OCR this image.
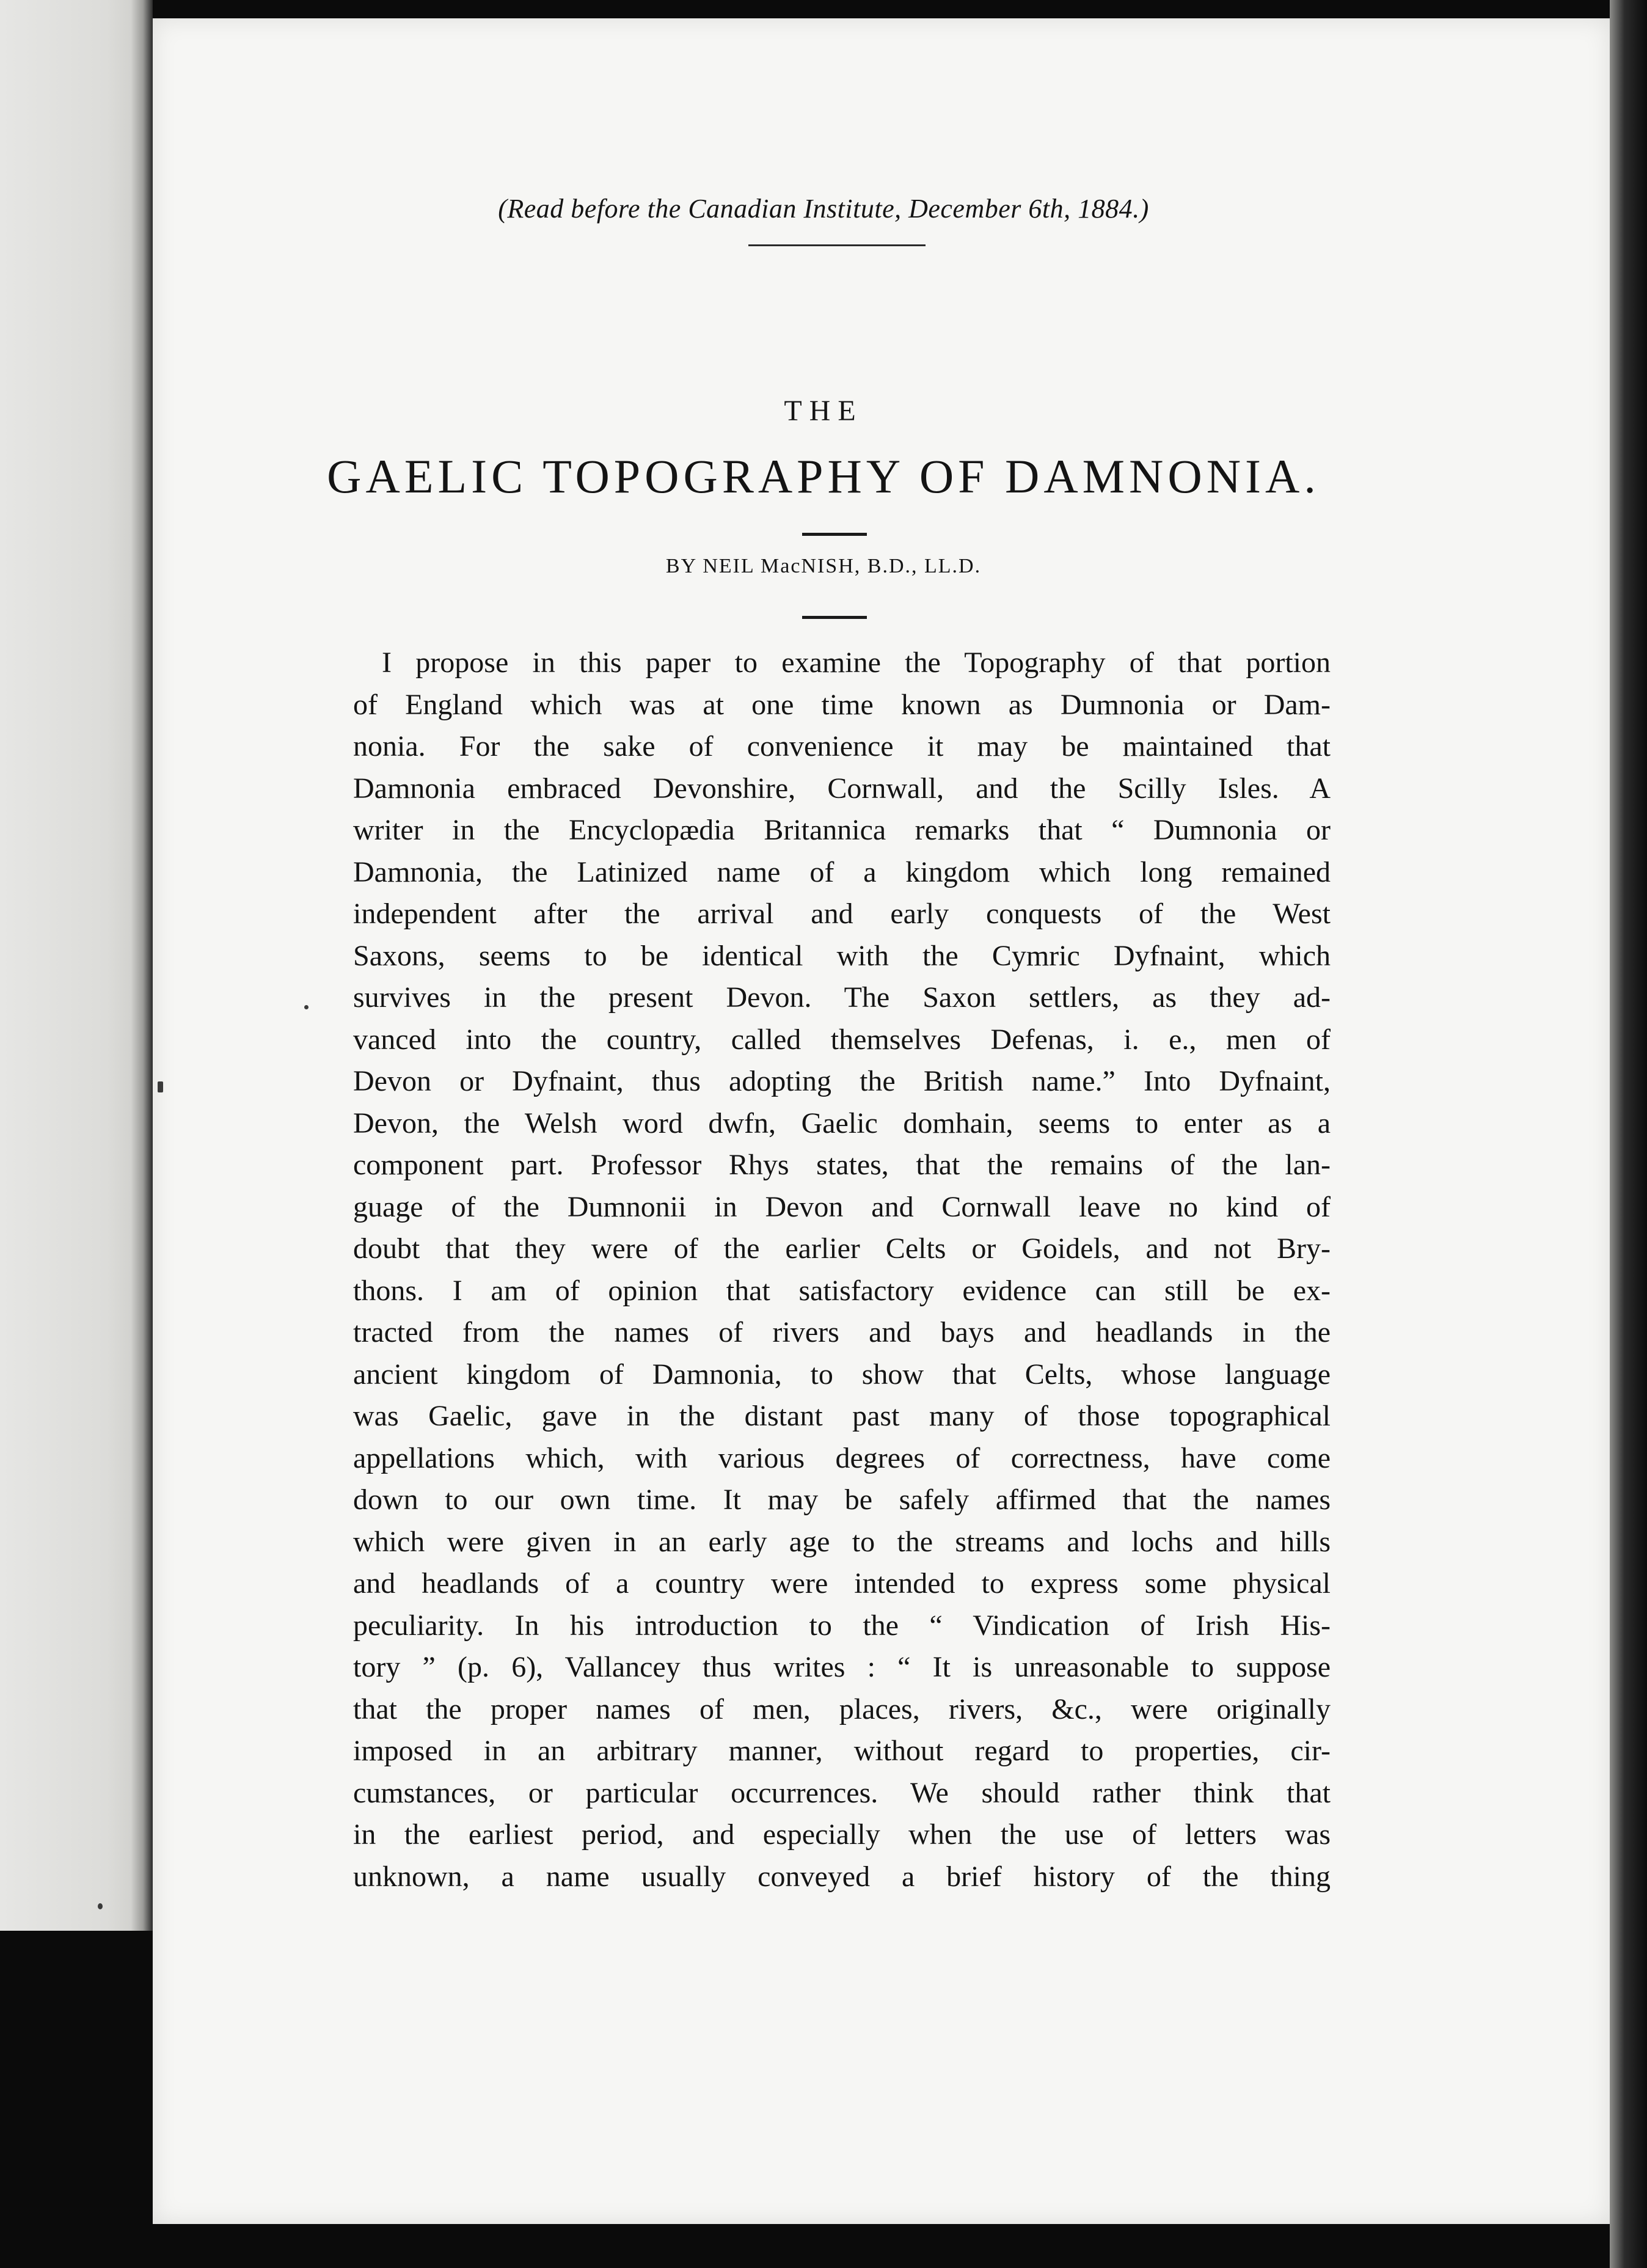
(Read before the Canadian Institute, December 6th, 1884.)
THE
GAELIC TOPOGRAPHY OF DAMNONIA.
BY NEIL MacNISH, B.D., LL.D.
I propose in this paper to examine the Topography of that portion
of England which was at one time known as Dumnonia or Dam-
nonia. For the sake of convenience it may be maintained that
Damnonia embraced Devonshire, Cornwall, and the Scilly Isles. A
writer in the Encyclopædia Britannica remarks that “ Dumnonia or
Damnonia, the Latinized name of a kingdom which long remained
independent after the arrival and early conquests of the West
Saxons, seems to be identical with the Cymric Dyfnaint, which
survives in the present Devon. The Saxon settlers, as they ad-
vanced into the country, called themselves Defenas, i. e., men of
Devon or Dyfnaint, thus adopting the British name.” Into Dyfnaint,
Devon, the Welsh word dwfn, Gaelic domhain, seems to enter as a
component part. Professor Rhys states, that the remains of the lan-
guage of the Dumnonii in Devon and Cornwall leave no kind of
doubt that they were of the earlier Celts or Goidels, and not Bry-
thons. I am of opinion that satisfactory evidence can still be ex-
tracted from the names of rivers and bays and headlands in the
ancient kingdom of Damnonia, to show that Celts, whose language
was Gaelic, gave in the distant past many of those topographical
appellations which, with various degrees of correctness, have come
down to our own time. It may be safely affirmed that the names
which were given in an early age to the streams and lochs and hills
and headlands of a country were intended to express some physical
peculiarity. In his introduction to the “ Vindication of Irish His-
tory ” (p. 6), Vallancey thus writes : “ It is unreasonable to suppose
that the proper names of men, places, rivers, &c., were originally
imposed in an arbitrary manner, without regard to properties, cir-
cumstances, or particular occurrences. We should rather think that
in the earliest period, and especially when the use of letters was
unknown, a name usually conveyed a brief history of the thing
